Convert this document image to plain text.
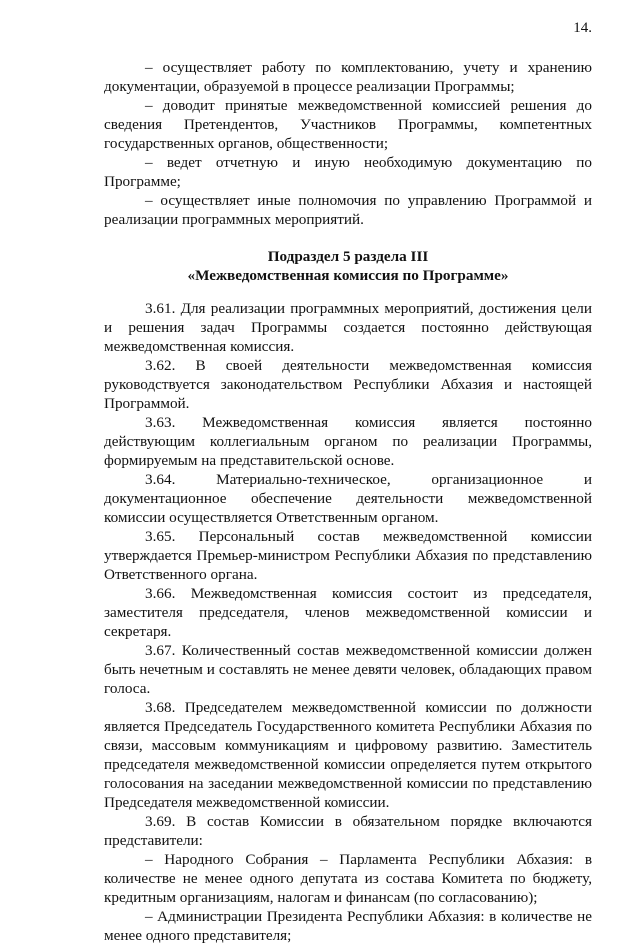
14.

– осуществляет работу по комплектованию, учету и хранению документации, образуемой в процессе реализации Программы;

– доводит принятые межведомственной комиссией решения до сведения Претендентов, Участников Программы, компетентных государственных органов, общественности;

– ведет отчетную и иную необходимую документацию по Программе;

– осуществляет иные полномочия по управлению Программой и реализации программных мероприятий.

Подраздел 5 раздела III
«Межведомственная комиссия по Программе»

3.61. Для реализации программных мероприятий, достижения цели и решения задач Программы создается постоянно действующая межведомственная комиссия.

3.62. В своей деятельности межведомственная комиссия руководствуется законодательством Республики Абхазия и настоящей Программой.

3.63. Межведомственная комиссия является постоянно действующим коллегиальным органом по реализации Программы, формируемым на представительской основе.

3.64. Материально-техническое, организационное и документационное обеспечение деятельности межведомственной комиссии осуществляется Ответственным органом.

3.65. Персональный состав межведомственной комиссии утверждается Премьер-министром Республики Абхазия по представлению Ответственного органа.

3.66. Межведомственная комиссия состоит из председателя, заместителя председателя, членов межведомственной комиссии и секретаря.

3.67. Количественный состав межведомственной комиссии должен быть нечетным и составлять не менее девяти человек, обладающих правом голоса.

3.68. Председателем межведомственной комиссии по должности является Председатель Государственного комитета Республики Абхазия по связи, массовым коммуникациям и цифровому развитию. Заместитель председателя межведомственной комиссии определяется путем открытого голосования на заседании межведомственной комиссии по представлению Председателя межведомственной комиссии.

3.69. В состав Комиссии в обязательном порядке включаются представители:

– Народного Собрания – Парламента Республики Абхазия: в количестве не менее одного депутата из состава Комитета по бюджету, кредитным организациям, налогам и финансам (по согласованию);

– Администрации Президента Республики Абхазия: в количестве не менее одного представителя;
